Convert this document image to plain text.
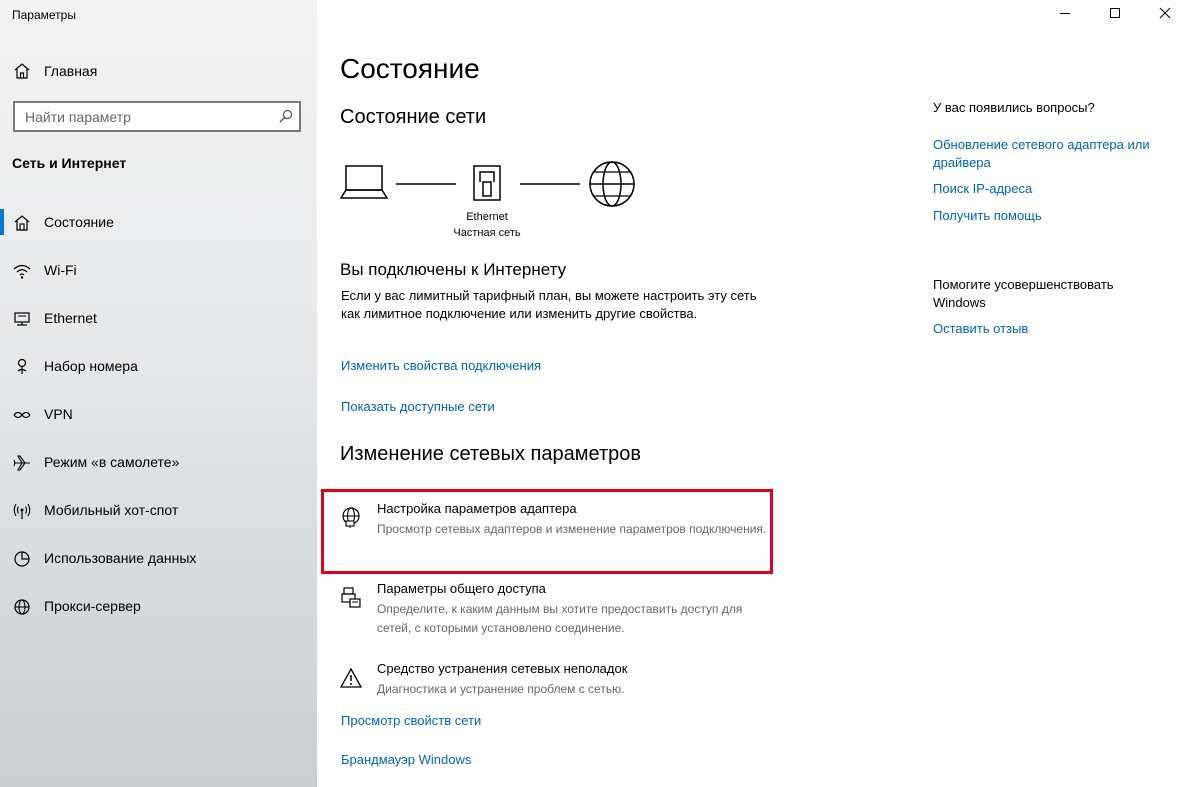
Параметры
Главная
Найти параметр
Сеть и Интернет
Состояние
Wi-Fi
Ethernet
Набор номера
VPN
Режим «в самолете»
Мобильный хот-спот
Использование данных
Прокси-сервер
Состояние
Состояние сети
Ethernet
Частная сеть
Вы подключены к Интернету
Если у вас лимитный тарифный план, вы можете настроить эту сеть как лимитное подключение или изменить другие свойства.
Изменить свойства подключения
Показать доступные сети
Изменение сетевых параметров
Настройка параметров адаптера
Просмотр сетевых адаптеров и изменение параметров подключения.
Параметры общего доступа
Определите, к каким данным вы хотите предоставить доступ для сетей, с которыми установлено соединение.
Средство устранения сетевых неполадок
Диагностика и устранение проблем с сетью.
Просмотр свойств сети
Брандмауэр Windows
У вас появились вопросы?
Обновление сетевого адаптера или драйвера
Поиск IP-адреса
Получить помощь
Помогите усовершенствовать Windows
Оставить отзыв
